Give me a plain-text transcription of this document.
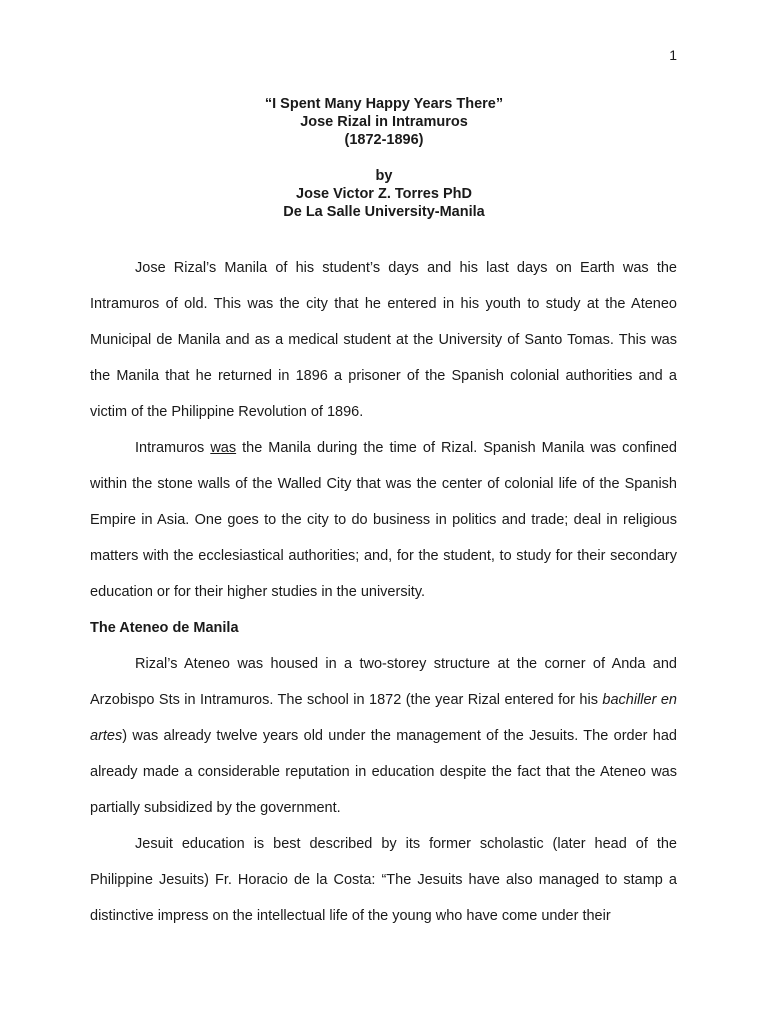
1
“I Spent Many Happy Years There”
Jose Rizal in Intramuros
(1872-1896)
by
Jose Victor Z. Torres PhD
De La Salle University-Manila

Jose Rizal’s Manila of his student’s days and his last days on Earth was the Intramuros of old. This was the city that he entered in his youth to study at the Ateneo Municipal de Manila and as a medical student at the University of Santo Tomas. This was the Manila that he returned in 1896 a prisoner of the Spanish colonial authorities and a victim of the Philippine Revolution of 1896.

Intramuros was the Manila during the time of Rizal. Spanish Manila was confined within the stone walls of the Walled City that was the center of colonial life of the Spanish Empire in Asia. One goes to the city to do business in politics and trade; deal in religious matters with the ecclesiastical authorities; and, for the student, to study for their secondary education or for their higher studies in the university.

The Ateneo de Manila

Rizal’s Ateneo was housed in a two-storey structure at the corner of Anda and Arzobispo Sts in Intramuros. The school in 1872 (the year Rizal entered for his bachiller en artes) was already twelve years old under the management of the Jesuits. The order had already made a considerable reputation in education despite the fact that the Ateneo was partially subsidized by the government.

Jesuit education is best described by its former scholastic (later head of the Philippine Jesuits) Fr. Horacio de la Costa: “The Jesuits have also managed to stamp a distinctive impress on the intellectual life of the young who have come under their
